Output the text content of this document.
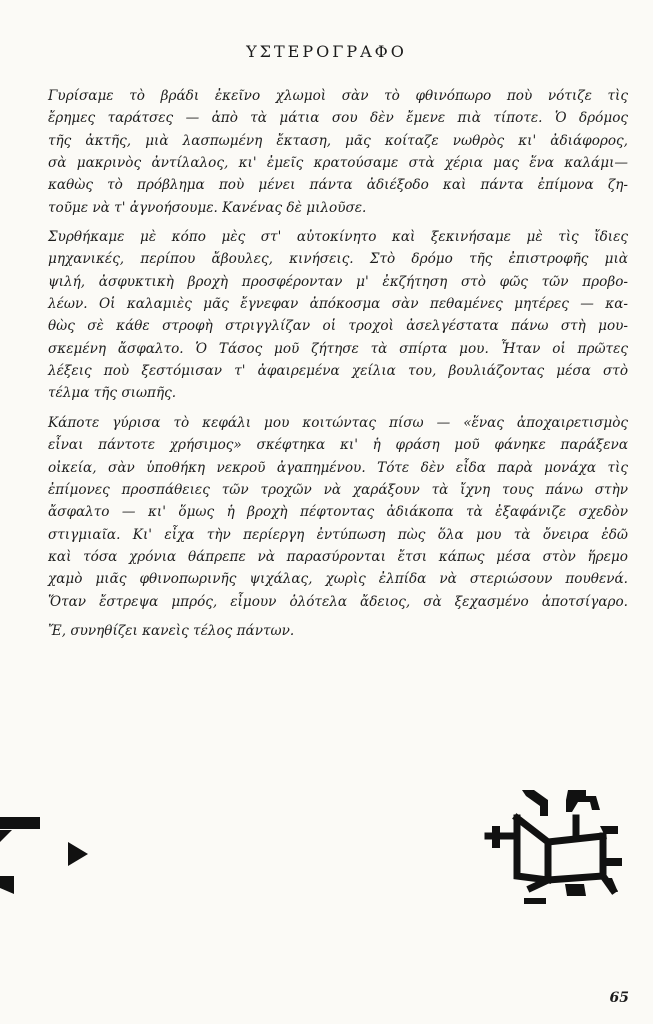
ΥΣΤΕΡΟΓΡΑΦΟ

Γυρίσαμε τὸ βράδι ἐκεῖνο χλωμοὶ σὰν τὸ φθινόπωρο ποὺ νότιζε τὶς
ἔρημες ταράτσες — ἀπὸ τὰ μάτια σου δὲν ἔμενε πιὰ τίποτε. Ὁ δρόμος
τῆς ἀκτῆς, μιὰ λασπωμένη ἔκταση, μᾶς κοίταζε νωθρὸς κι' ἀδιάφορος,
σὰ μακρινὸς ἀντίλαλος, κι' ἐμεῖς κρατούσαμε στὰ χέρια μας ἕνα καλάμι—
καθὼς τὸ πρόβλημα ποὺ μένει πάντα ἀδιέξοδο καὶ πάντα ἐπίμονα ζη-
τοῦμε νὰ τ' ἀγνοήσουμε. Κανένας δὲ μιλοῦσε.

Συρθήκαμε μὲ κόπο μὲς στ' αὐτοκίνητο καὶ ξεκινήσαμε μὲ τὶς ἴδιες
μηχανικές, περίπου ἄβουλες, κινήσεις. Στὸ δρόμο τῆς ἐπιστροφῆς μιὰ
ψιλή, ἀσφυκτικὴ βροχὴ προσφέρονταν μ' ἐκζήτηση στὸ φῶς τῶν προβο-
λέων. Οἱ καλαμιὲς μᾶς ἔγνεφαν ἀπόκοσμα σὰν πεθαμένες μητέρες — κα-
θὼς σὲ κάθε στροφὴ στριγγλίζαν οἱ τροχοὶ ἀσελγέστατα πάνω στὴ μου-
σκεμένη ἄσφαλτο. Ὁ Τάσος μοῦ ζήτησε τὰ σπίρτα μου. Ἦταν οἱ πρῶτες
λέξεις ποὺ ξεστόμισαν τ' ἀφαιρεμένα χείλια του, βουλιάζοντας μέσα στὸ
τέλμα τῆς σιωπῆς.

Κάποτε γύρισα τὸ κεφάλι μου κοιτώντας πίσω — «ἕνας ἀποχαιρετισμὸς
εἶναι πάντοτε χρήσιμος» σκέφτηκα κι' ἡ φράση μοῦ φάνηκε παράξενα
οἰκεία, σὰν ὑποθήκη νεκροῦ ἀγαπημένου. Τότε δὲν εἶδα παρὰ μονάχα τὶς
ἐπίμονες προσπάθειες τῶν τροχῶν νὰ χαράξουν τὰ ἴχνη τους πάνω στὴν
ἄσφαλτο — κι' ὅμως ἡ βροχὴ πέφτοντας ἀδιάκοπα τὰ ἐξαφάνιζε σχεδὸν
στιγμιαῖα. Κι' εἶχα τὴν περίεργη ἐντύπωση πὼς ὅλα μου τὰ ὄνειρα ἐδῶ
καὶ τόσα χρόνια θάπρεπε νὰ παρασύρονται ἔτσι κάπως μέσα στὸν ἥρεμο
χαμὸ μιᾶς φθινοπωρινῆς ψιχάλας, χωρὶς ἐλπίδα νὰ στεριώσουν πουθενά.
Ὅταν ἔστρεψα μπρός, εἶμουν ὁλότελα ἄδειος, σὰ ξεχασμένο ἀποτσίγαρο.

Ἔ, συνηθίζει κανεὶς τέλος πάντων.

65
